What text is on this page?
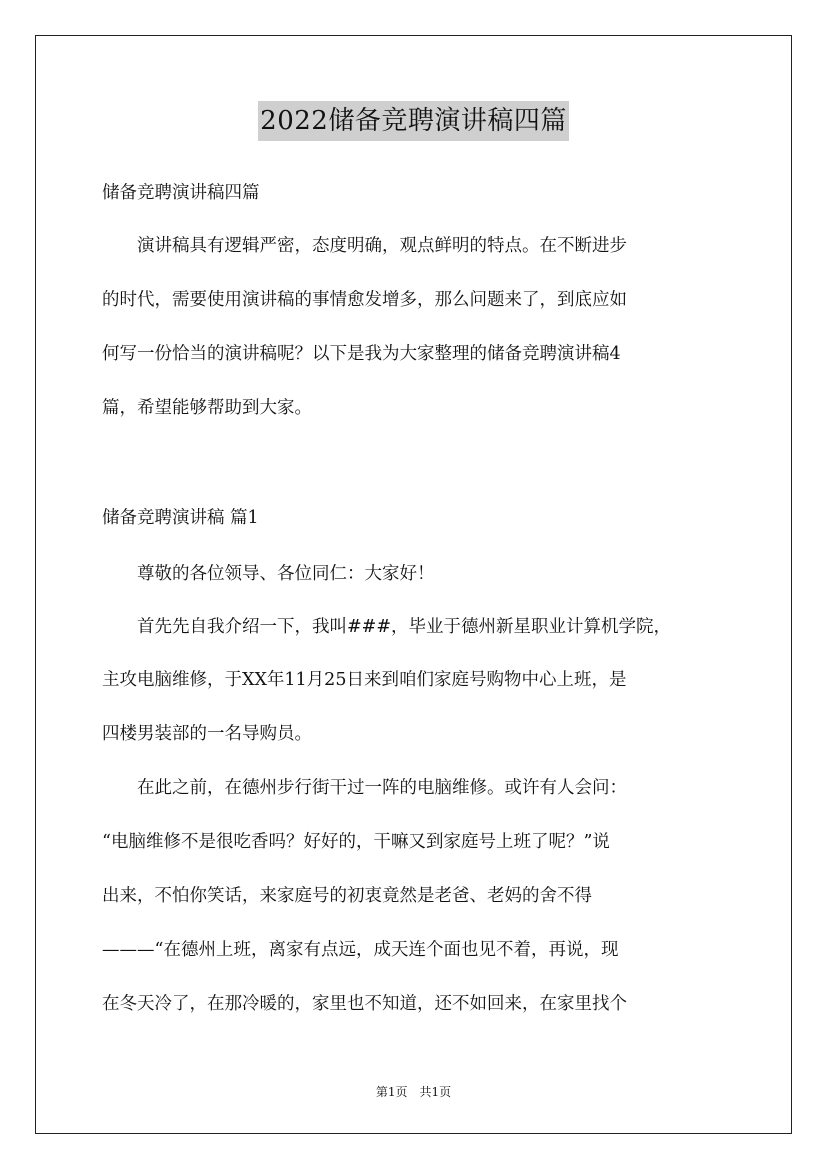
2022储备竞聘演讲稿四篇
储备竞聘演讲稿四篇
　　演讲稿具有逻辑严密，态度明确，观点鲜明的特点。在不断进步
的时代，需要使用演讲稿的事情愈发增多，那么问题来了，到底应如
何写一份恰当的演讲稿呢？以下是我为大家整理的储备竞聘演讲稿4
篇，希望能够帮助到大家。
储备竞聘演讲稿 篇1
　　尊敬的各位领导、各位同仁：大家好！
　　首先先自我介绍一下，我叫###，毕业于德州新星职业计算机学院，
主攻电脑维修，于XX年11月25日来到咱们家庭号购物中心上班，是
四楼男装部的一名导购员。
　　在此之前，在德州步行街干过一阵的电脑维修。或许有人会问：
“电脑维修不是很吃香吗？好好的，干嘛又到家庭号上班了呢？”说
出来，不怕你笑话，来家庭号的初衷竟然是老爸、老妈的舍不得
———“在德州上班，离家有点远，成天连个面也见不着，再说，现
在冬天冷了，在那冷暖的，家里也不知道，还不如回来，在家里找个
第1页　共1页
